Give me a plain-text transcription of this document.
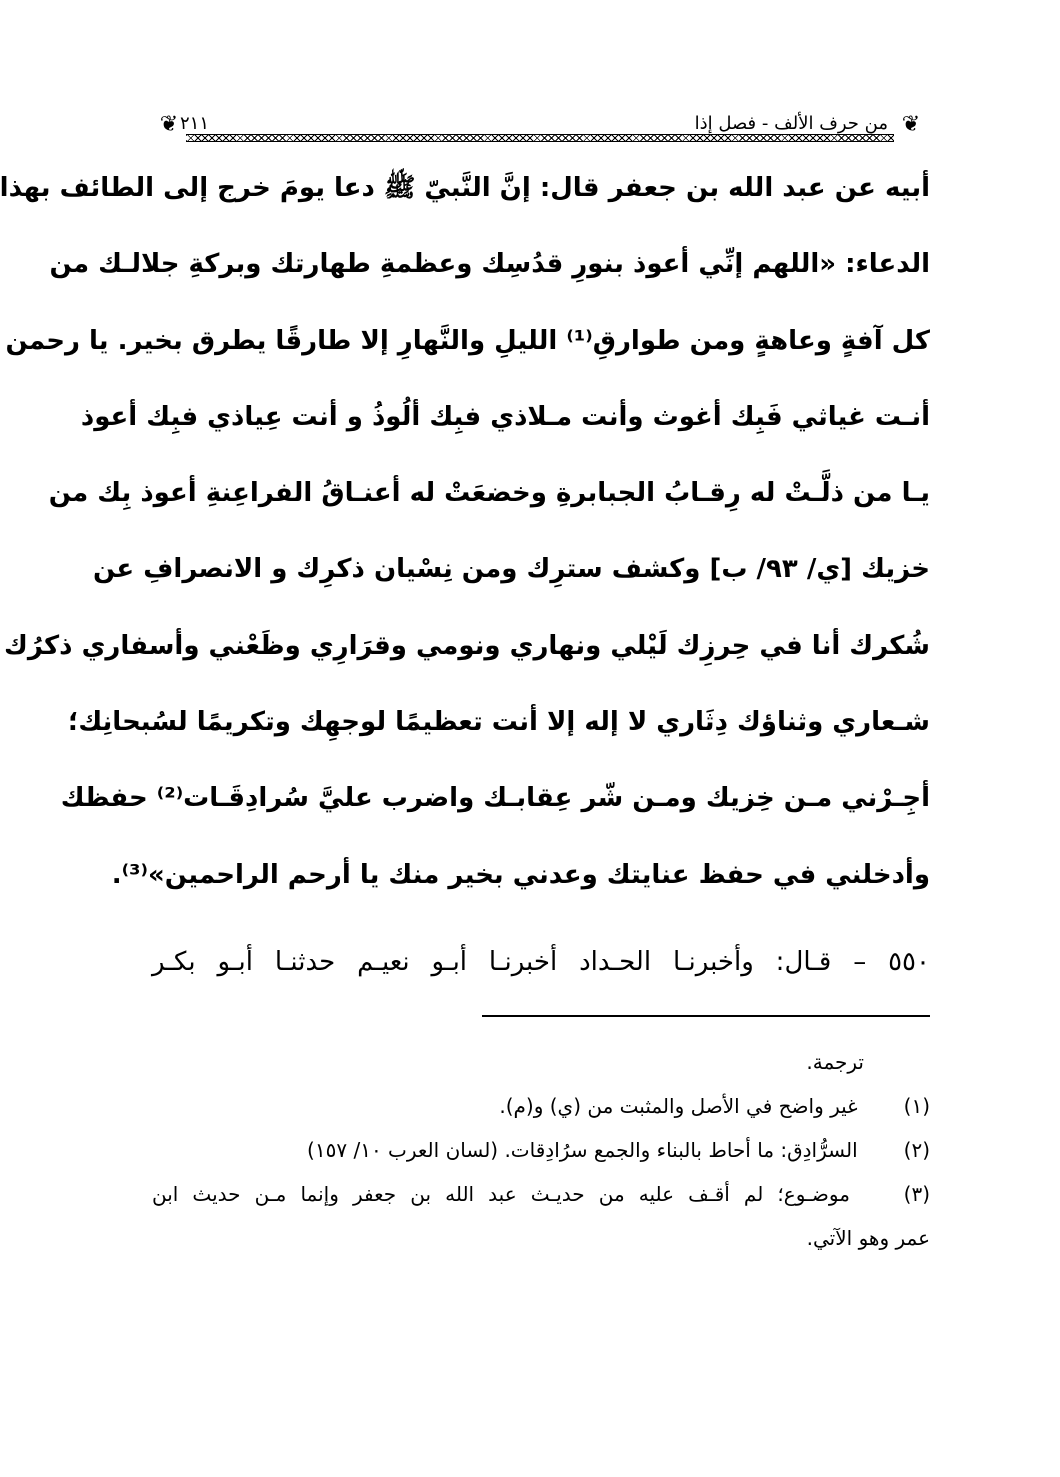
❦
من حرف الألف - فصل إذا
٢١١
❦
أبيه عن عبد الله بن جعفر قال: إنَّ النَّبيّ ﷺ دعا يومَ خرج إلى الطائف بهذا
الدعاء: «اللهم إنِّي أعوذ بنورِ قدُسِك وعظمةِ طهارتك وبركةِ جلالـك من
كل آفةٍ وعاهةٍ ومن طوارقِ⁽¹⁾ الليلِ والنَّهارِ إلا طارقًا يطرق بخير. يا رحمن
أنـت غياثي فَبِك أغوث وأنت مـلاذي فبِك ألُوذُ و أنت عِياذي فبِك أعوذ
يـا من ذلَّـتْ له رِقـابُ الجبابرةِ وخضعَتْ له أعنـاقُ الفراعِنةِ أعوذ بِك من
خزيك [ي/ ٩٣/ ب] وكشف سترِك ومن نِسْيان ذكرِك و الانصرافِ عن
شُكرك أنا في حِرزِك لَيْلي ونهاري ونومي وقرَارِي وظَعْني وأسفاري ذكرُك
شـعاري وثناؤك دِثَاري لا إله إلا أنت تعظيمًا لوجهِك وتكريمًا لسُبحانِك؛
أجِـرْني مـن خِزيك ومـن شّر عِقابـك واضرب عليَّ سُرادِقَـات⁽²⁾ حفظك
وأدخلني في حفظ عنايتك وعدني بخير منك يا أرحم الراحمين»⁽³⁾.
٥٥٠ – قـال: وأخبرنـا الحـداد أخبرنـا أبـو نعيـم حدثنـا أبـو بكـر
ترجمة.
(١) غير واضح في الأصل والمثبت من (ي) و(م).
(٢) السرُّادِق: ما أحاط بالبناء والجمع سرُادِقات. (لسان العرب ١٠/ ١٥٧)
(٣) موضـوع؛ لم أقـف عليه من حديـث عبد الله بن جعفر وإنما مـن حديث ابن
عمر وهو الآتي.
